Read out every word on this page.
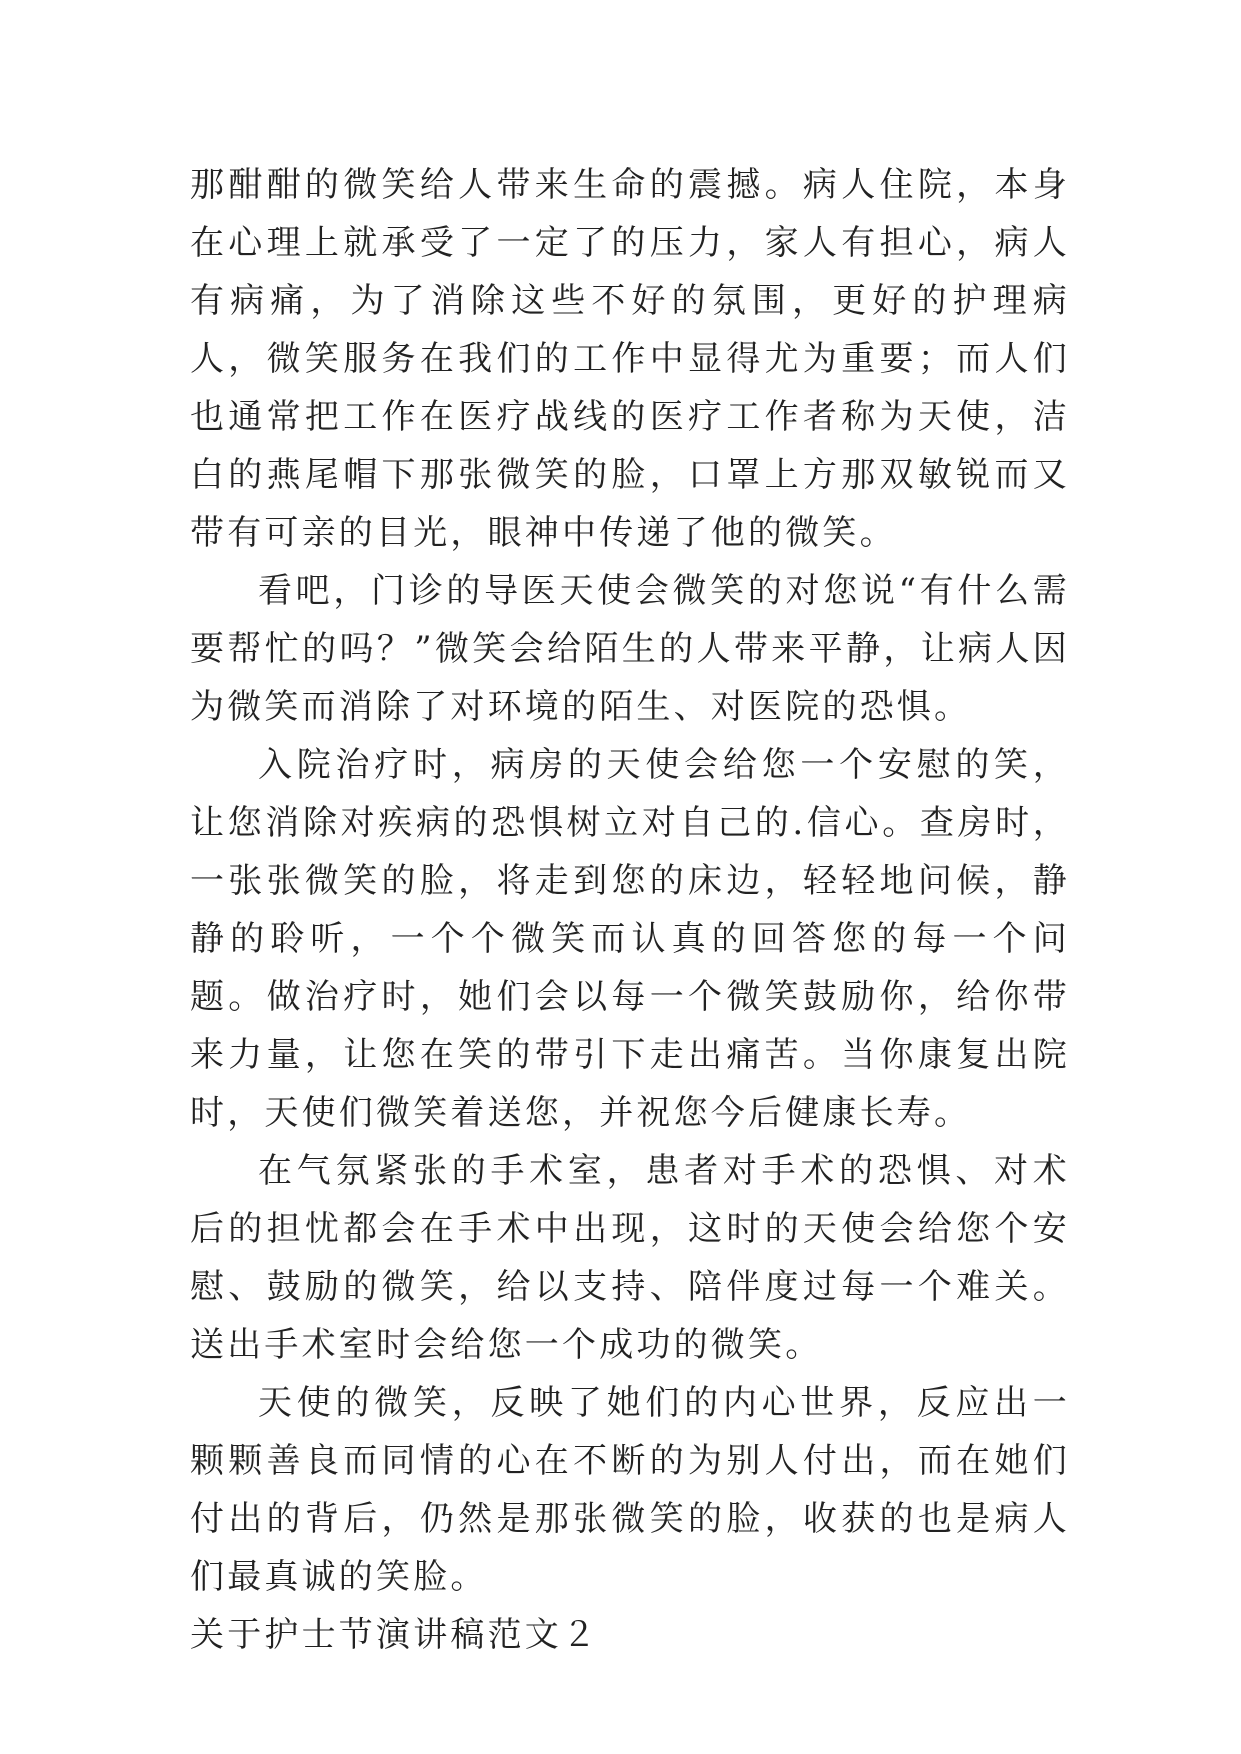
那酣酣的微笑给人带来生命的震撼。病人住院，本身在心理上就承受了一定了的压力，家人有担心，病人有病痛，为了消除这些不好的氛围，更好的护理病人，微笑服务在我们的工作中显得尤为重要；而人们也通常把工作在医疗战线的医疗工作者称为天使，洁白的燕尾帽下那张微笑的脸，口罩上方那双敏锐而又带有可亲的目光，眼神中传递了他的微笑。

看吧，门诊的导医天使会微笑的对您说“有什么需要帮忙的吗？”微笑会给陌生的人带来平静，让病人因为微笑而消除了对环境的陌生、对医院的恐惧。

入院治疗时，病房的天使会给您一个安慰的笑，让您消除对疾病的恐惧树立对自己的.信心。查房时，一张张微笑的脸，将走到您的床边，轻轻地问候，静静的聆听，一个个微笑而认真的回答您的每一个问题。做治疗时，她们会以每一个微笑鼓励你，给你带来力量，让您在笑的带引下走出痛苦。当你康复出院时，天使们微笑着送您，并祝您今后健康长寿。

在气氛紧张的手术室，患者对手术的恐惧、对术后的担忧都会在手术中出现，这时的天使会给您个安慰、鼓励的微笑，给以支持、陪伴度过每一个难关。送出手术室时会给您一个成功的微笑。

天使的微笑，反映了她们的内心世界，反应出一颗颗善良而同情的心在不断的为别人付出，而在她们付出的背后，仍然是那张微笑的脸，收获的也是病人们最真诚的笑脸。

关于护士节演讲稿范文２
